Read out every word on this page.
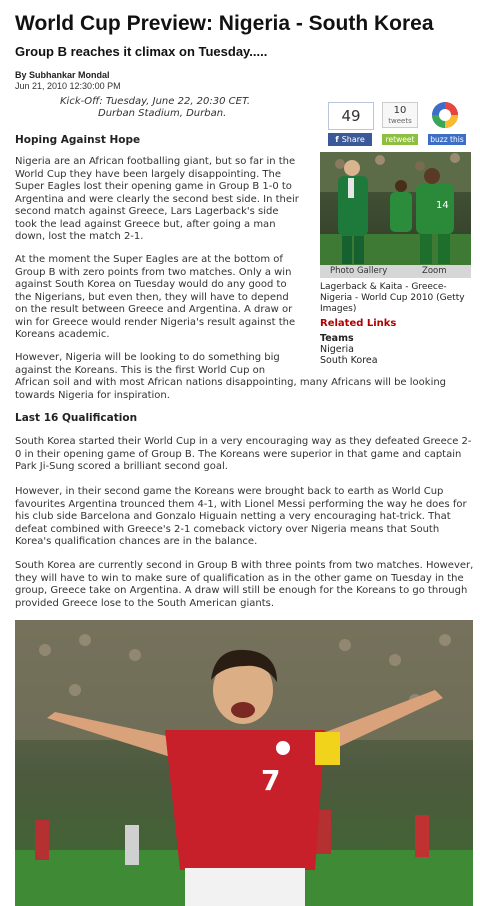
World Cup Preview: Nigeria - South Korea
Group B reaches it climax on Tuesday.....
By Subhankar Mondal
Jun 21, 2010 12:30:00 PM
Kick-Off: Tuesday, June 22, 20:30 CET.
Durban Stadium, Durban.
Hoping Against Hope

Nigeria are an African footballing giant, but so far in the World Cup they have been largely disappointing. The Super Eagles lost their opening game in Group B 1-0 to Argentina and were clearly the second best side. In their second match against Greece, Lars Lagerback's side took the lead against Greece but, after going a man down, lost the match 2-1.

At the moment the Super Eagles are at the bottom of Group B with zero points from two matches. Only a win against South Korea on Tuesday would do any good to the Nigerians, but even then, they will have to depend on the result between Greece and Argentina. A draw or win for Greece would render Nigeria's result against the Koreans academic.

However, Nigeria will be looking to do something big against the Koreans. This is the first World Cup on

African soil and with most African nations disappointing, many Africans will be looking towards Nigeria for inspiration.

Last 16 Qualification

South Korea started their World Cup in a very encouraging way as they defeated Greece 2-0 in their opening game of Group B. The Koreans were superior in that game and captain Park Ji-Sung scored a brilliant second goal.

However, in their second game the Koreans were brought back to earth as World Cup favourites Argentina trounced them 4-1, with Lionel Messi performing the way he does for his club side Barcelona and Gonzalo Higuain netting a very encouraging hat-trick. That defeat combined with Greece's 2-1 comeback victory over Nigeria means that South Korea's qualification chances are in the balance.

South Korea are currently second in Group B with three points from two matches. However, they will have to win to make sure of qualification as in the other game on Tuesday in the group, Greece take on Argentina. A draw will still be enough for the Koreans to go through provided Greece lose to the South American giants.

49
f Share
10
tweets
retweet	buzz this
14
Photo Gallery	Zoom
Lagerback & Kaita - Greece-Nigeria - World Cup 2010 (Getty Images)
Related Links
Teams
Nigeria
South Korea
7
